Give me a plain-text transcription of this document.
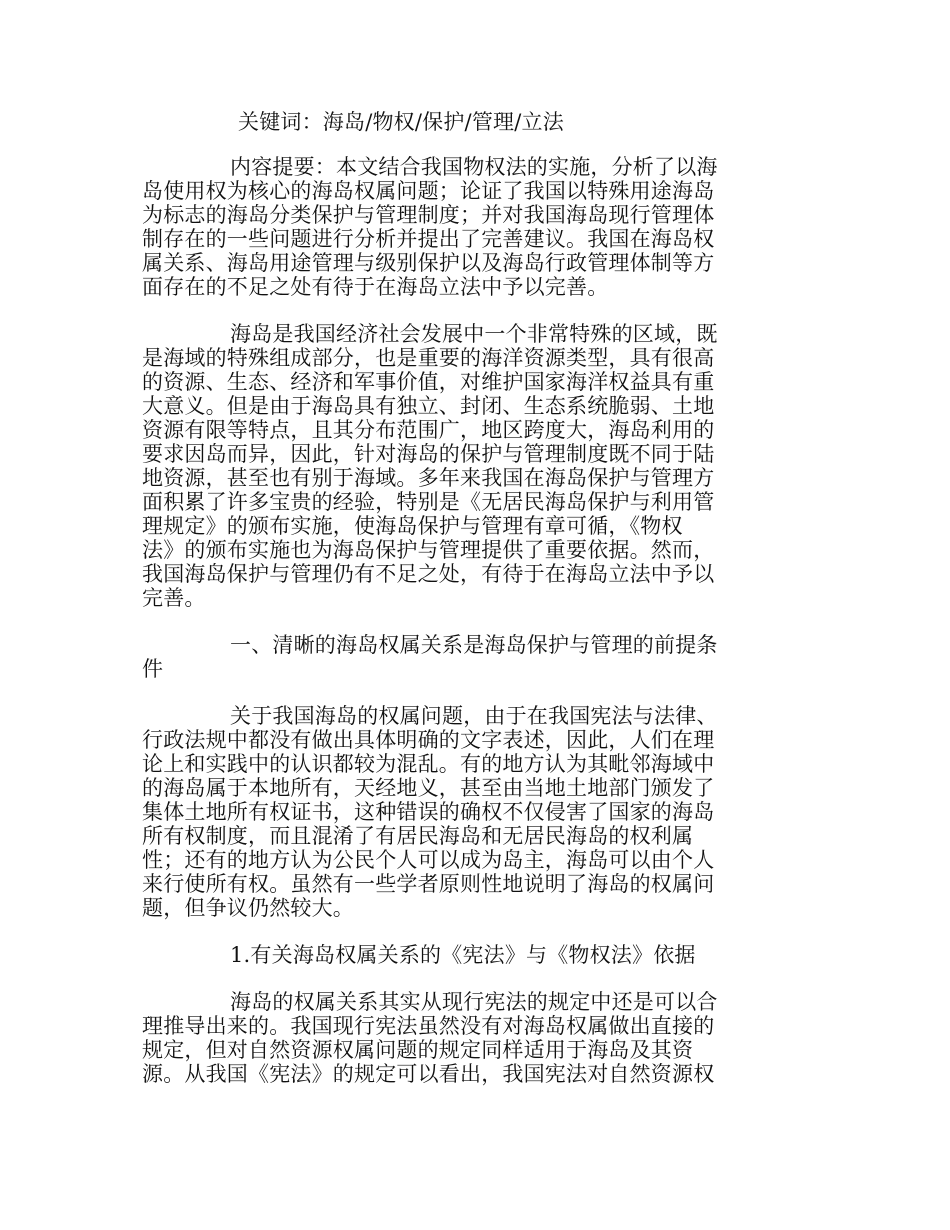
关键词：海岛/物权/保护/管理/立法

内容提要：本文结合我国物权法的实施，分析了以海
岛使用权为核心的海岛权属问题；论证了我国以特殊用途海岛
为标志的海岛分类保护与管理制度；并对我国海岛现行管理体
制存在的一些问题进行分析并提出了完善建议。我国在海岛权
属关系、海岛用途管理与级别保护以及海岛行政管理体制等方
面存在的不足之处有待于在海岛立法中予以完善。

海岛是我国经济社会发展中一个非常特殊的区域，既
是海域的特殊组成部分，也是重要的海洋资源类型，具有很高
的资源、生态、经济和军事价值，对维护国家海洋权益具有重
大意义。但是由于海岛具有独立、封闭、生态系统脆弱、土地
资源有限等特点，且其分布范围广，地区跨度大，海岛利用的
要求因岛而异，因此，针对海岛的保护与管理制度既不同于陆
地资源，甚至也有别于海域。多年来我国在海岛保护与管理方
面积累了许多宝贵的经验，特别是《无居民海岛保护与利用管
理规定》的颁布实施，使海岛保护与管理有章可循，《物权
法》的颁布实施也为海岛保护与管理提供了重要依据。然而，
我国海岛保护与管理仍有不足之处，有待于在海岛立法中予以
完善。

一、清晰的海岛权属关系是海岛保护与管理的前提条
件

关于我国海岛的权属问题，由于在我国宪法与法律、
行政法规中都没有做出具体明确的文字表述，因此，人们在理
论上和实践中的认识都较为混乱。有的地方认为其毗邻海域中
的海岛属于本地所有，天经地义，甚至由当地土地部门颁发了
集体土地所有权证书，这种错误的确权不仅侵害了国家的海岛
所有权制度，而且混淆了有居民海岛和无居民海岛的权利属
性；还有的地方认为公民个人可以成为岛主，海岛可以由个人
来行使所有权。虽然有一些学者原则性地说明了海岛的权属问
题，但争议仍然较大。

1.有关海岛权属关系的《宪法》与《物权法》依据

海岛的权属关系其实从现行宪法的规定中还是可以合
理推导出来的。我国现行宪法虽然没有对海岛权属做出直接的
规定，但对自然资源权属问题的规定同样适用于海岛及其资
源。从我国《宪法》的规定可以看出，我国宪法对自然资源权
